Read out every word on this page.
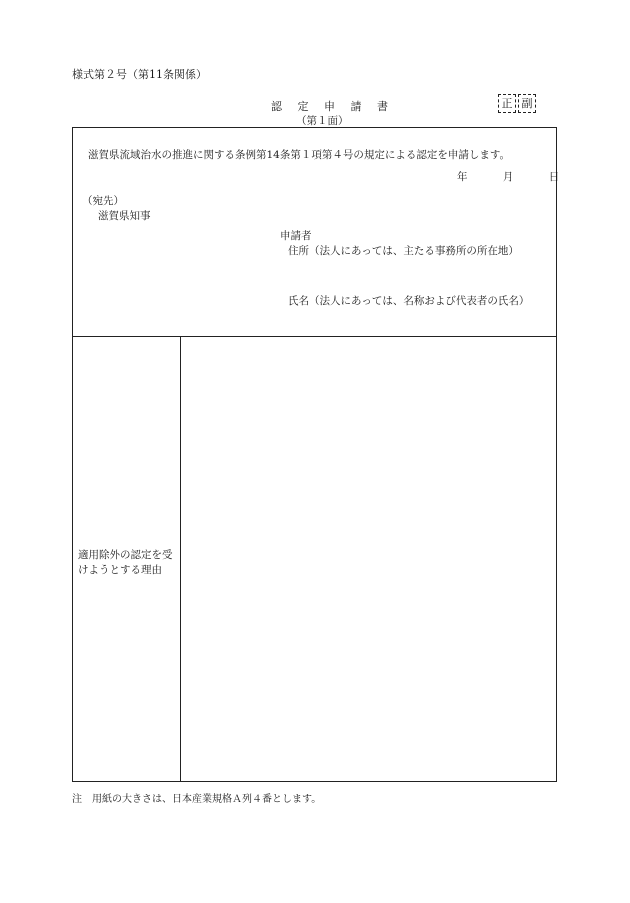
様式第２号（第11条関係）
認 定 申 請 書
（第１面）
正 副
滋賀県流域治水の推進に関する条例第14条第１項第４号の規定による認定を申請します。
年	月	日
（宛先）
滋賀県知事
申請者
住所（法人にあっては、主たる事務所の所在地）
氏名（法人にあっては、名称および代表者の氏名）
適用除外の認定を受けようとする理由
注　用紙の大きさは、日本産業規格Ａ列４番とします。
